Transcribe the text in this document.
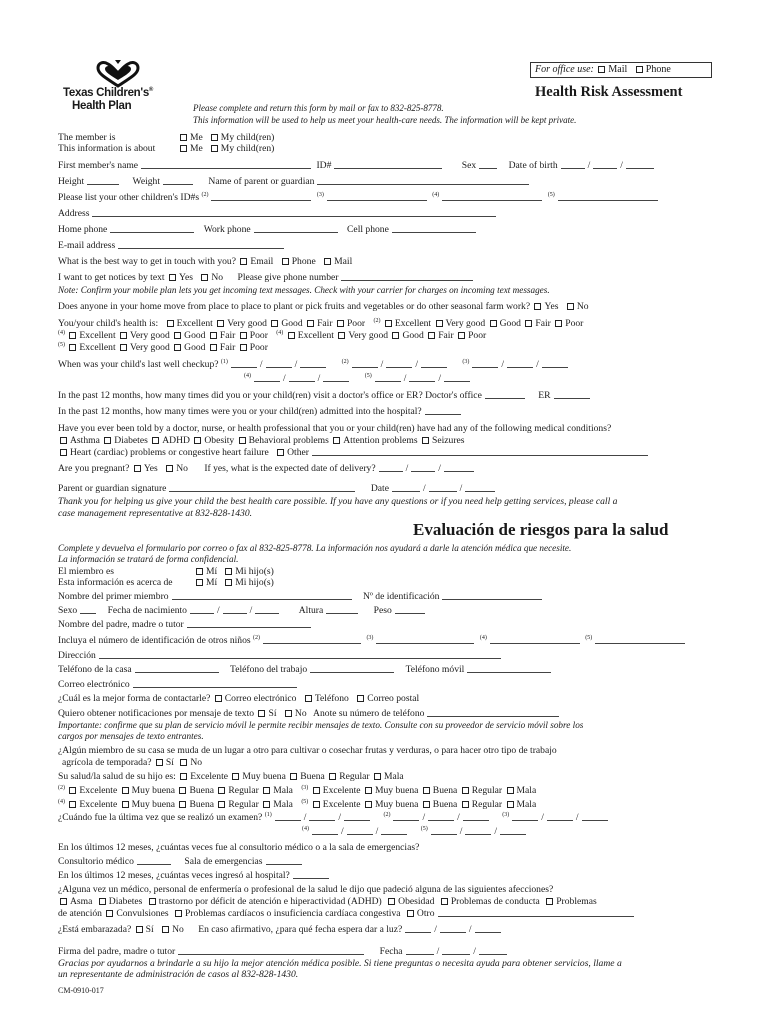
For office use: Mail Phone
Texas Children's®
Health Plan
Health Risk Assessment
Please complete and return this form by mail or fax to 832-825-8778.
This information will be used to help us meet your health-care needs. The information will be kept private.
The member is	Me My child(ren)
This information is about	Me My child(ren)
First member's name	ID#	Sex	Date of birth	/	/
Height	Weight	Name of parent or guardian
Please list your other children's ID#s $^{(2)}$	$^{(3)}$	$^{(4)}$	$^{(5)}$
Address
Home phone	Work phone	Cell phone
E-mail address
What is the best way to get in touch with you? Email Phone Mail
I want to get notices by text Yes No Please give phone number
Note: Confirm your mobile plan lets you get incoming text messages. Check with your carrier for charges on incoming text messages.
Does anyone in your home move from place to place to plant or pick fruits and vegetables or do other seasonal farm work? Yes No
You/your child's health is: Excellent Very good Good Fair Poor $^{(2)}$ Excellent Very good Good Fair Poor
$^{(4)}$ Excellent Very good Good Fair Poor $^{(4)}$ Excellent Very good Good Fair Poor
$^{(5)}$ Excellent Very good Good Fair Poor
When was your child's last well checkup? $^{(1)}$	/	/	$^{(2)}$	/	/	$^{(3)}$	/	/
$^{(4)}$	/	/	$^{(5)}$	/	/
In the past 12 months, how many times did you or your child(ren) visit a doctor's office or ER? Doctor's office	ER
In the past 12 months, how many times were you or your child(ren) admitted into the hospital?
Have you ever been told by a doctor, nurse, or health professional that you or your child(ren) have had any of the following medical conditions?
Asthma Diabetes ADHD Obesity Behavioral problems Attention problems Seizures
Heart (cardiac) problems or congestive heart failure Other
Are you pregnant? Yes No If yes, what is the expected date of delivery?	/	/
Parent or guardian signature	Date	/	/
Thank you for helping us give your child the best health care possible. If you have any questions or if you need help getting services, please call a
case management representative at 832-828-1430.
Evaluación de riesgos para la salud
Complete y devuelva el formulario por correo o fax al 832-825-8778. La información nos ayudará a darle la atención médica que necesite.
La información se tratará de forma confidencial.
El miembro es	Mí Mi hijo(s)
Esta información es acerca de	Mí Mi hijo(s)
Nombre del primer miembro	Nº de identificación
Sexo	Fecha de nacimiento	/	/	Altura	Peso
Nombre del padre, madre o tutor
Incluya el número de identificación de otros niños $^{(2)}$	$^{(3)}$	$^{(4)}$	$^{(5)}$
Dirección
Teléfono de la casa	Teléfono del trabajo	Teléfono móvil
Correo electrónico
¿Cuál es la mejor forma de contactarle? Correo electrónico Teléfono Correo postal
Quiero obtener notificaciones por mensaje de texto Sí No Anote su número de teléfono
Importante: confirme que su plan de servicio móvil le permite recibir mensajes de texto. Consulte con su proveedor de servicio móvil sobre los
cargos por mensajes de texto entrantes.
¿Algún miembro de su casa se muda de un lugar a otro para cultivar o cosechar frutas y verduras, o para hacer otro tipo de trabajo
agrícola de temporada? Sí No
Su salud/la salud de su hijo es: Excelente Muy buena Buena Regular Mala
$^{(2)}$ Excelente Muy buena Buena Regular Mala $^{(3)}$ Excelente Muy buena Buena Regular Mala
$^{(4)}$ Excelente Muy buena Buena Regular Mala $^{(5)}$ Excelente Muy buena Buena Regular Mala
¿Cuándo fue la última vez que se realizó un examen? $^{(1)}$	/	/	$^{(2)}$	/	/	$^{(3)}$	/	/
$^{(4)}$	/	/	$^{(5)}$	/	/
En los últimos 12 meses, ¿cuántas veces fue al consultorio médico o a la sala de emergencias?
Consultorio médico	Sala de emergencias
En los últimos 12 meses, ¿cuántas veces ingresó al hospital?
¿Alguna vez un médico, personal de enfermería o profesional de la salud le dijo que padeció alguna de las siguientes afecciones?
Asma Diabetes trastorno por déficit de atención e hiperactividad (ADHD) Obesidad Problemas de conducta Problemas
de atención Convulsiones Problemas cardíacos o insuficiencia cardíaca congestiva Otro
¿Está embarazada? Sí No En caso afirmativo, ¿para qué fecha espera dar a luz?	/	/
Firma del padre, madre o tutor	Fecha	/	/
Gracias por ayudarnos a brindarle a su hijo la mejor atención médica posible. Si tiene preguntas o necesita ayuda para obtener servicios, llame a
un representante de administración de casos al 832-828-1430.
CM-0910-017
